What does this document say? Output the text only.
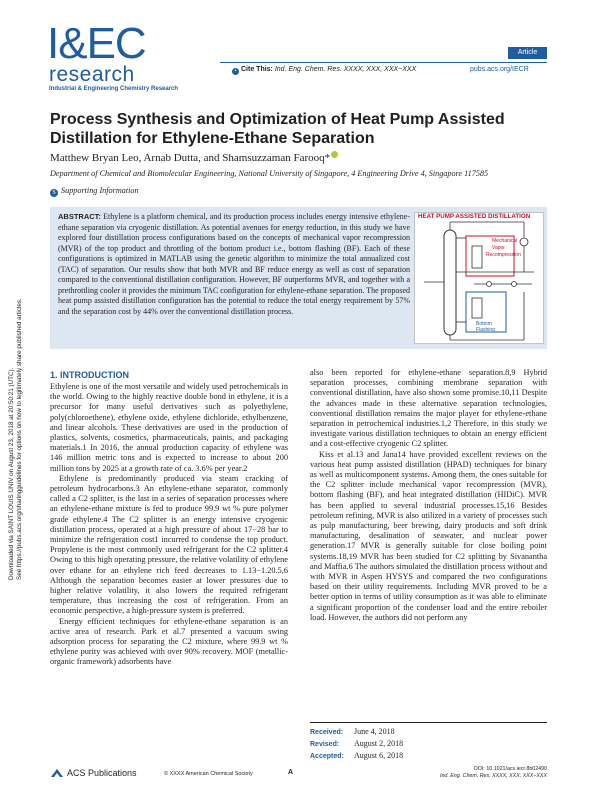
I&EC
research
Industrial & Engineering Chemistry Research
Article
• Cite This: Ind. Eng. Chem. Res. XXXX, XXX, XXX−XXX	pubs.acs.org/IECR
Process Synthesis and Optimization of Heat Pump Assisted Distillation for Ethylene-Ethane Separation
Matthew Bryan Leo, Arnab Dutta, and Shamsuzzaman Farooq*
Department of Chemical and Biomolecular Engineering, National University of Singapore, 4 Engineering Drive 4, Singapore 117585
S Supporting Information
ABSTRACT: Ethylene is a platform chemical, and its production process includes energy intensive ethylene-ethane separation via cryogenic distillation. As potential avenues for energy reduction, in this study we have explored four distillation process configurations based on the concepts of mechanical vapor recompression (MVR) of the top product and throttling of the bottom product i.e., bottom flashing (BF). Each of these configurations is optimized in MATLAB using the genetic algorithm to minimize the total annualized cost (TAC) of separation. Our results show that both MVR and BF reduce energy as well as cost of separation compared to the conventional distillation configuration. However, BF outperforms MVR, and together with a prethrottling cooler it provides the minimum TAC configuration for ethylene-ethane separation. The proposed heat pump assisted distillation configuration has the potential to reduce the total energy requirement by 57% and the separation cost by 44% over the conventional distillation process.
Mechanical
Vapor
Recompression
Bottom
Flashing
HEAT PUMP ASSISTED DISTILLATION
Downloaded via SAINT LOUIS UNIV on August 23, 2018 at 20:50:21 (UTC). See https://pubs.acs.org/sharingguidelines for options on how to legitimately share published articles.	1. INTRODUCTION

Ethylene is one of the most versatile and widely used petrochemicals in the world. Owing to the highly reactive double bond in ethylene, it is a precursor for many useful derivatives such as polyethylene, poly(chloroethene), ethylene oxide, ethylene dichloride, ethylbenzene, and linear alcohols. These derivatives are used in the production of plastics, solvents, cosmetics, pharmaceuticals, paints, and packaging materials.1 In 2016, the annual production capacity of ethylene was 146 million metric tons and is expected to increase to about 200 million tons by 2025 at a growth rate of ca. 3.6% per year.2

Ethylene is predominantly produced via steam cracking of petroleum hydrocarbons.3 An ethylene-ethane separator, commonly called a C2 splitter, is the last in a series of separation processes where an ethylene-ethane mixture is fed to produce 99.9 wt % pure polymer grade ethylene.4 The C2 splitter is an energy intensive cryogenic distillation process, operated at a high pressure of about 17−28 bar to minimize the refrigeration cost1 incurred to condense the top product. Propylene is the most commonly used refrigerant for the C2 splitter.4 Owing to this high operating pressure, the relative volatility of ethylene over ethane for an ethylene rich feed decreases to 1.13−1.20.5,6 Although the separation becomes easier at lower pressures due to higher relative volatility, it also lowers the required refrigerant temperature, thus increasing the cost of refrigeration. From an economic perspective, a high-pressure system is preferred.

Energy efficient techniques for ethylene-ethane separation is an active area of research. Park et al.7 presented a vacuum swing adsorption process for separating the C2 mixture, where 99.9 wt % ethylene purity was achieved with over 90% recovery. MOF (metallic-organic framework) adsorbents have

also been reported for ethylene-ethane separation.8,9 Hybrid separation processes, combining membrane separation with conventional distillation, have also shown some promise.10,11 Despite the advances made in these alternative separation technologies, conventional distillation remains the major player for ethylene-ethane separation in petrochemical industries.1,2 Therefore, in this study we investigate various distillation techniques to obtain an energy efficient and a cost-effective cryogenic C2 splitter.

Kiss et al.13 and Jana14 have provided excellent reviews on the various heat pump assisted distillation (HPAD) techniques for binary as well as multicomponent systems. Among them, the ones suitable for the C2 splitter include mechanical vapor recompression (MVR), bottom flashing (BF), and heat integrated distillation (HIDiC). MVR has been applied to several industrial processes.15,16 Besides petroleum refining, MVR is also utilized in a variety of processes such as pulp manufacturing, beer brewing, dairy products and soft drink manufacturing, desalination of seawater, and nuclear power generation.17 MVR is generally suitable for close boiling point systems.18,19 MVR has been studied for C2 splitting by Sivanantha and Maffia.6 The authors simulated the distillation process without and with MVR in Aspen HYSYS and compared the two configurations based on their utility requirements. Including MVR proved to be a better option in terms of utility consumption as it was able to eliminate a significant proportion of the condenser load and the entire reboiler load. However, the authors did not perform any

Received: June 4, 2018
Revised: August 2, 2018
Accepted: August 6, 2018
ACS Publications	© XXXX American Chemical Society	A	DOI: 10.1021/acs.iecr.8b02490
Ind. Eng. Chem. Res. XXXX, XXX, XXX−XXX
